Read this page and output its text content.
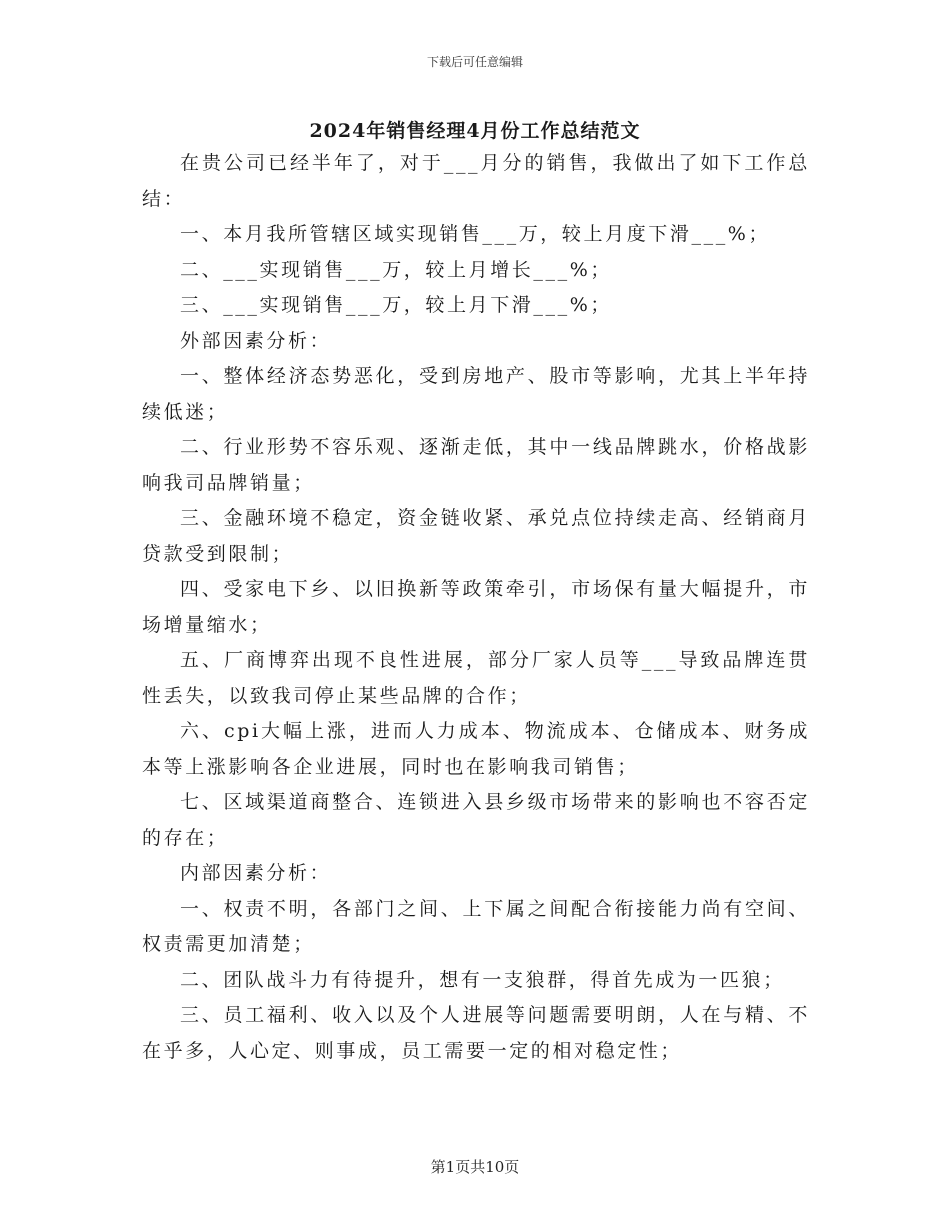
下载后可任意编辑
2024年销售经理4月份工作总结范文

在贵公司已经半年了，对于___月分的销售，我做出了如下工作总结：

一、本月我所管辖区域实现销售___万，较上月度下滑___%；

二、___实现销售___万，较上月增长___%；

三、___实现销售___万，较上月下滑___%；

外部因素分析：

一、整体经济态势恶化，受到房地产、股市等影响，尤其上半年持续低迷；

二、行业形势不容乐观、逐渐走低，其中一线品牌跳水，价格战影响我司品牌销量；

三、金融环境不稳定，资金链收紧、承兑点位持续走高、经销商月贷款受到限制；

四、受家电下乡、以旧换新等政策牵引，市场保有量大幅提升，市场增量缩水；

五、厂商博弈出现不良性进展，部分厂家人员等___导致品牌连贯性丢失，以致我司停止某些品牌的合作；

六、cpi大幅上涨，进而人力成本、物流成本、仓储成本、财务成本等上涨影响各企业进展，同时也在影响我司销售；

七、区域渠道商整合、连锁进入县乡级市场带来的影响也不容否定的存在；

内部因素分析：

一、权责不明，各部门之间、上下属之间配合衔接能力尚有空间、权责需更加清楚；

二、团队战斗力有待提升，想有一支狼群，得首先成为一匹狼；

三、员工福利、收入以及个人进展等问题需要明朗，人在与精、不在乎多，人心定、则事成，员工需要一定的相对稳定性；

第1页共10页
